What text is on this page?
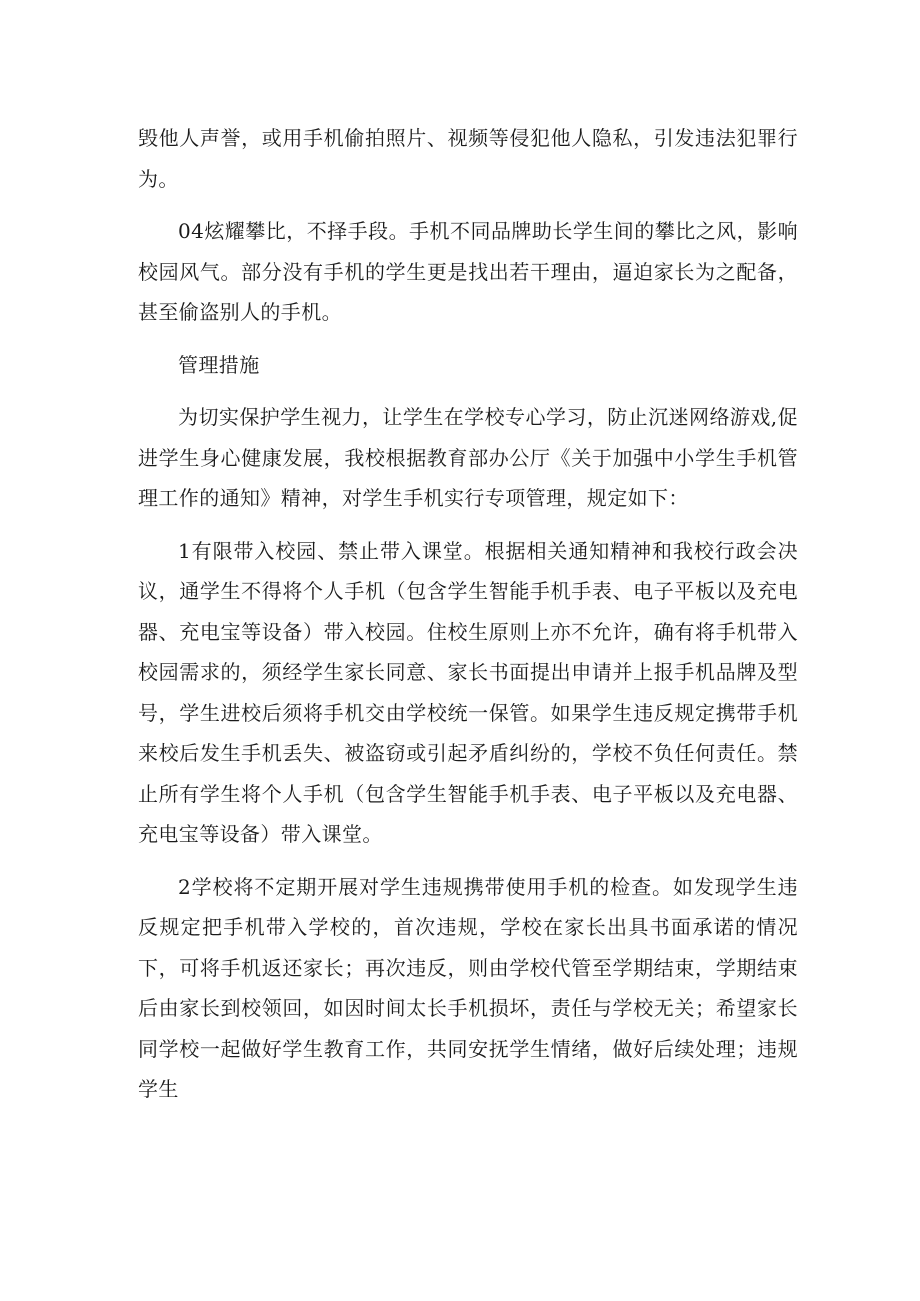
毁他人声誉，或用手机偷拍照片、视频等侵犯他人隐私，引发违法犯罪行为。

04炫耀攀比，不择手段。手机不同品牌助长学生间的攀比之风，影响校园风气。部分没有手机的学生更是找出若干理由，逼迫家长为之配备，甚至偷盗别人的手机。

管理措施

为切实保护学生视力，让学生在学校专心学习，防止沉迷网络游戏,促进学生身心健康发展，我校根据教育部办公厅《关于加强中小学生手机管理工作的通知》精神，对学生手机实行专项管理，规定如下：

1有限带入校园、禁止带入课堂。根据相关通知精神和我校行政会决议，通学生不得将个人手机（包含学生智能手机手表、电子平板以及充电器、充电宝等设备）带入校园。住校生原则上亦不允许，确有将手机带入校园需求的，须经学生家长同意、家长书面提出申请并上报手机品牌及型号，学生进校后须将手机交由学校统一保管。如果学生违反规定携带手机来校后发生手机丢失、被盗窃或引起矛盾纠纷的，学校不负任何责任。禁止所有学生将个人手机（包含学生智能手机手表、电子平板以及充电器、充电宝等设备）带入课堂。

2学校将不定期开展对学生违规携带使用手机的检查。如发现学生违反规定把手机带入学校的，首次违规，学校在家长出具书面承诺的情况下，可将手机返还家长；再次违反，则由学校代管至学期结束，学期结束后由家长到校领回，如因时间太长手机损坏，责任与学校无关；希望家长同学校一起做好学生教育工作，共同安抚学生情绪，做好后续处理；违规学生
